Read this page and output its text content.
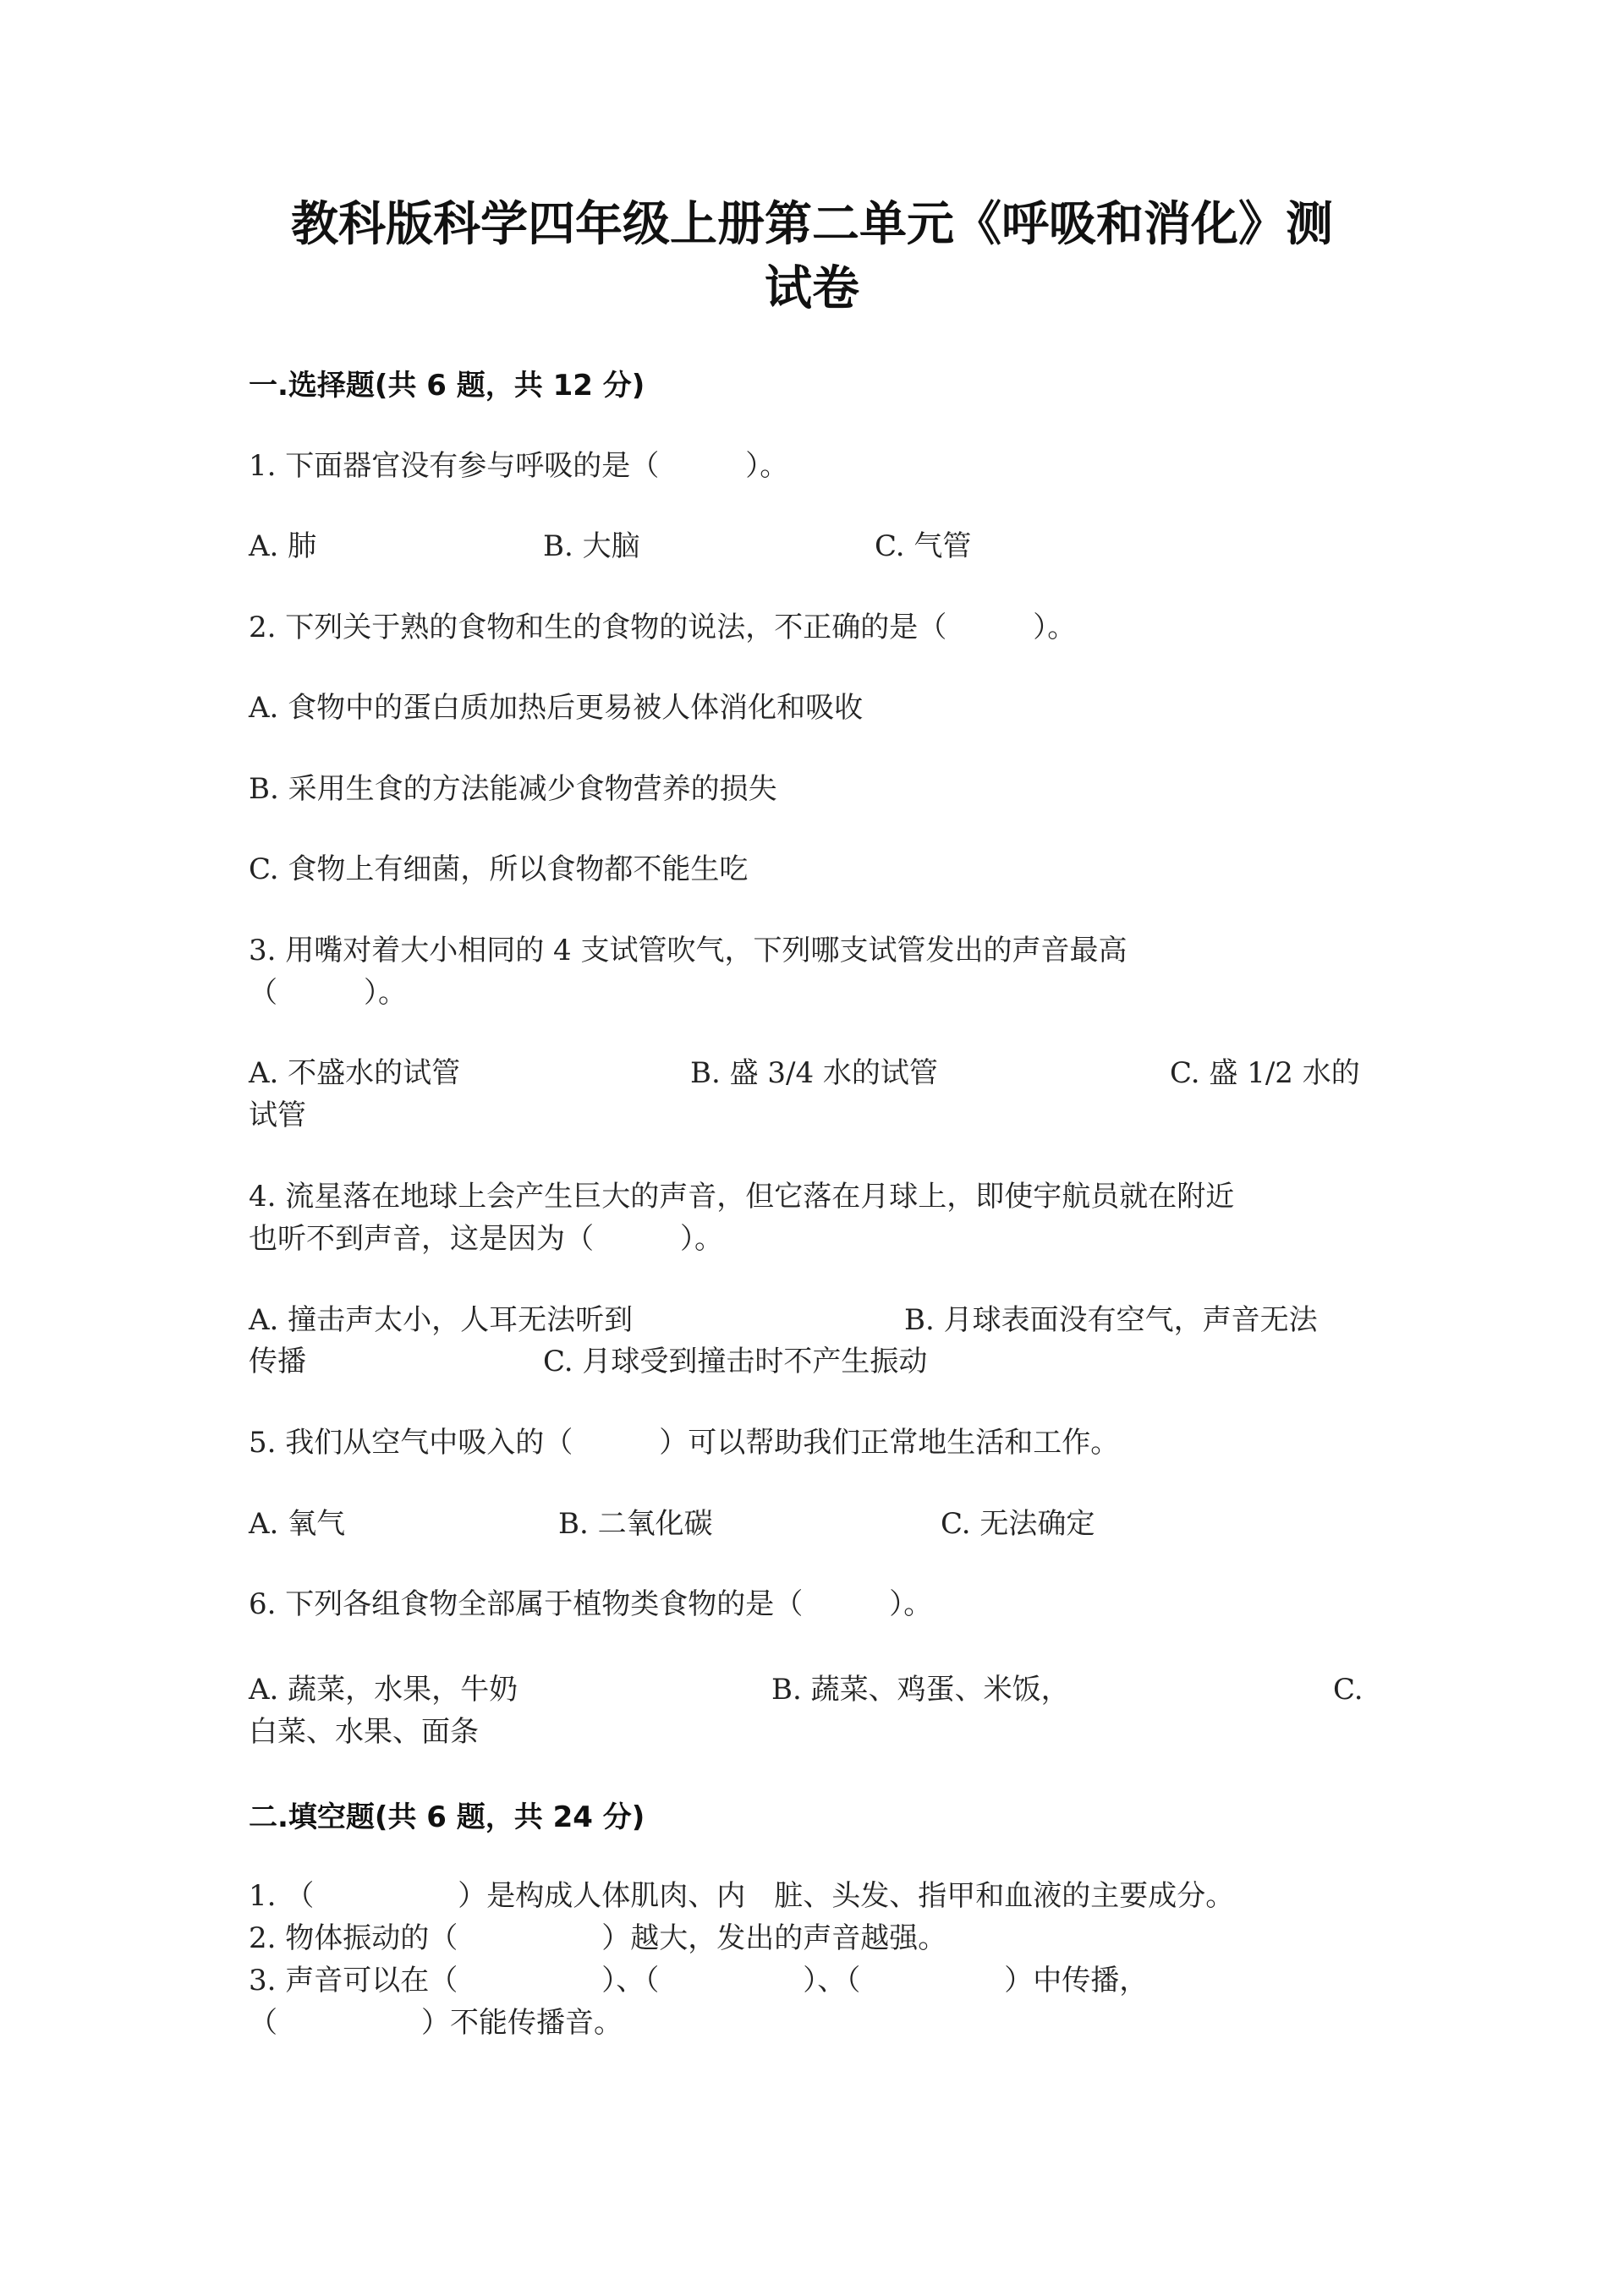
教科版科学四年级上册第二单元《呼吸和消化》测
试卷
一.选择题(共 6 题，共 12 分)
1. 下面器官没有参与呼吸的是（　　　）。
A. 肺	B. 大脑	C. 气管
2. 下列关于熟的食物和生的食物的说法，不正确的是（　　　）。
A. 食物中的蛋白质加热后更易被人体消化和吸收
B. 采用生食的方法能减少食物营养的损失
C. 食物上有细菌，所以食物都不能生吃
3. 用嘴对着大小相同的 4 支试管吹气，下列哪支试管发出的声音最高
（　　　）。
A. 不盛水的试管	B. 盛 3/4 水的试管	C. 盛 1/2 水的
试管
4. 流星落在地球上会产生巨大的声音，但它落在月球上，即使宇航员就在附近
也听不到声音，这是因为（　　　）。
A. 撞击声太小，人耳无法听到	B. 月球表面没有空气，声音无法
传播	C. 月球受到撞击时不产生振动
5. 我们从空气中吸入的（　　　）可以帮助我们正常地生活和工作。
A. 氧气	B. 二氧化碳	C. 无法确定
6. 下列各组食物全部属于植物类食物的是（　　　）。
A. 蔬菜，水果，牛奶	B. 蔬菜、鸡蛋、米饭，	C.
白菜、水果、面条
二.填空题(共 6 题，共 24 分)
1. （　　　　　）是构成人体肌肉、内　脏、头发、指甲和血液的主要成分。
2. 物体振动的（　　　　　）越大，发出的声音越强。
3. 声音可以在（　　　　　）、（　　　　　）、（　　　　　）中传播，
（　　　　　）不能传播音。
